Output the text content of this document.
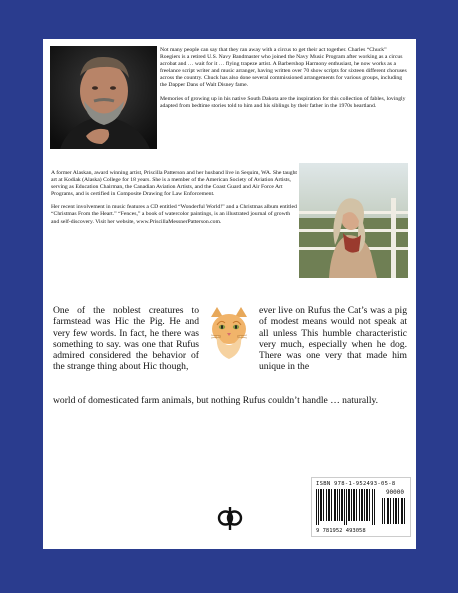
Not many people can say that they ran away with a circus to get their act together. Charles “Chuck” Roegiers is a retired U.S. Navy Bandmaster who joined the Navy Music Program after working as a circus acrobat and … wait for it … flying trapeze artist. A Barbershop Harmony enthusiast, he now works as a freelance script writer and music arranger, having written over 70 show scripts for sixteen different choruses across the country. Chuck has also done several commissioned arrangements for various groups, including the Dapper Dans of Walt Disney fame.

Memories of growing up in his native South Dakota are the inspiration for this collection of fables, lovingly adapted from bedtime stories told to him and his siblings by their father in the 1970s heartland.

A former Alaskan, award winning artist, Priscilla Patterson and her husband live in Sequim, WA. She taught art at Kodiak (Alaska) College for 18 years. She is a member of the American Society of Aviation Artists, serving as Education Chairman, the Canadian Aviation Artists, and the Coast Guard and Air Force Art Programs, and is certified in Composite Drawing for Law Enforcement.

Her recent involvement in music features a CD entitled “Wonderful World!” and a Christmas album entitled “Christmas From the Heart.” “Fences,” a book of watercolor paintings, is an illustrated journal of growth and self-discovery. Visit her website, www.PriscillaMessnerPatterson.com.

One of the noblest creatures to farmstead was Hic the Pig. He and very few words. In fact, he there was something to say. was one that Rufus admired considered the behavior of the strange thing about Hic though,
ever live on Rufus the Cat’s was a pig of modest means would not speak at all unless This humble characteristic very much, especially when he dog. There was one very that made him unique in the
world of domesticated farm animals, but nothing Rufus couldn’t handle … naturally.
ISBN 978-1-952493-05-8
90000
9 781952 493058
